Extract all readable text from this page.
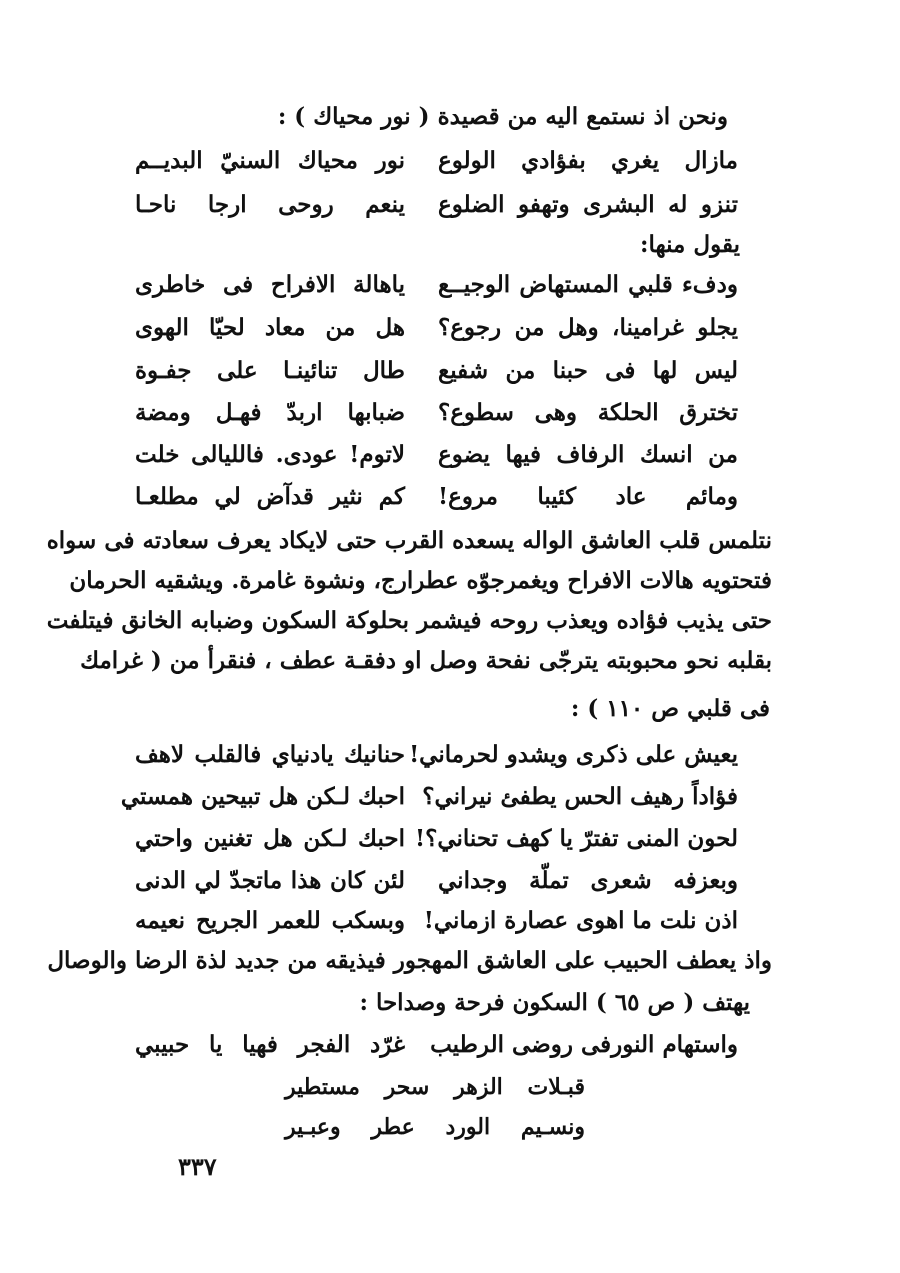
ونحن اذ نستمع اليه من قصيدة ( نور محياك ) :
نور محياك السنيّ البديــم مازال يغري بفؤادي الولوع
ينعم روحى ارجا ناحـا تنزو له البشرى وتهفو الضلوع
يقول منها:
ياهالة الافراح فى خاطرى ودفء قلبي المستهاض الوجيــع
هل من معاد لحيّا الهوى يجلو غرامينا، وهل من رجوع؟
طال تنائينـا على جفـوة ليس لها فى حبنا من شفيع
ضبابها اربدّ فهـل ومضة تخترق الحلكة وهى سطوع؟
لاتوم! عودى. فالليالى خلت من انسك الرفاف فيها يضوع
كم نثير قدآض لي مطلعـا ومائم عاد كئيبا مروع!
نتلمس قلب العاشق الواله يسعده القرب حتى لايكاد يعرف سعادته فى سواه
فتحتويه هالات الافراح ويغمرجوّه عطرارج، ونشوة غامرة. ويشقيه الحرمان
حتى يذيب فؤاده ويعذب روحه فيشمر بحلوكة السكون وضبابه الخانق فيتلفت
بقلبه نحو محبوبته يترجّى نفحة وصل او دفقـة عطف ، فنقرأ من ( غرامك
فى قلبي ص ١١٠ ) :
حنانيك يادنياي فالقلب لاهف يعيش على ذكرى ويشدو لحرماني!
احبك لـكن هل تبيحين همستي فؤاداً رهيف الحس يطفئ نيراني؟
احبك لـكن هل تغنين واحتي لحون المنى تفترّ يا كهف تحناني؟!
لئن كان هذا ماتجدّ لي الدنى وبعزفه شعرى تملّة وجداني
وبسكب للعمر الجريح نعيمه اذن نلت ما اهوى عصارة ازماني!
واذ يعطف الحبيب على العاشق المهجور فيذيقه من جديد لذة الرضا والوصال
يهتف ( ص ٦٥ ) السكون فرحة وصداحا :
غرّد الفجر فهيا يا حبيبي واستهام النورفى روضى الرطيب
قبـلات الزهر سحر مستطير
ونسـيم الورد عطر وعبـير
٣٣٧
